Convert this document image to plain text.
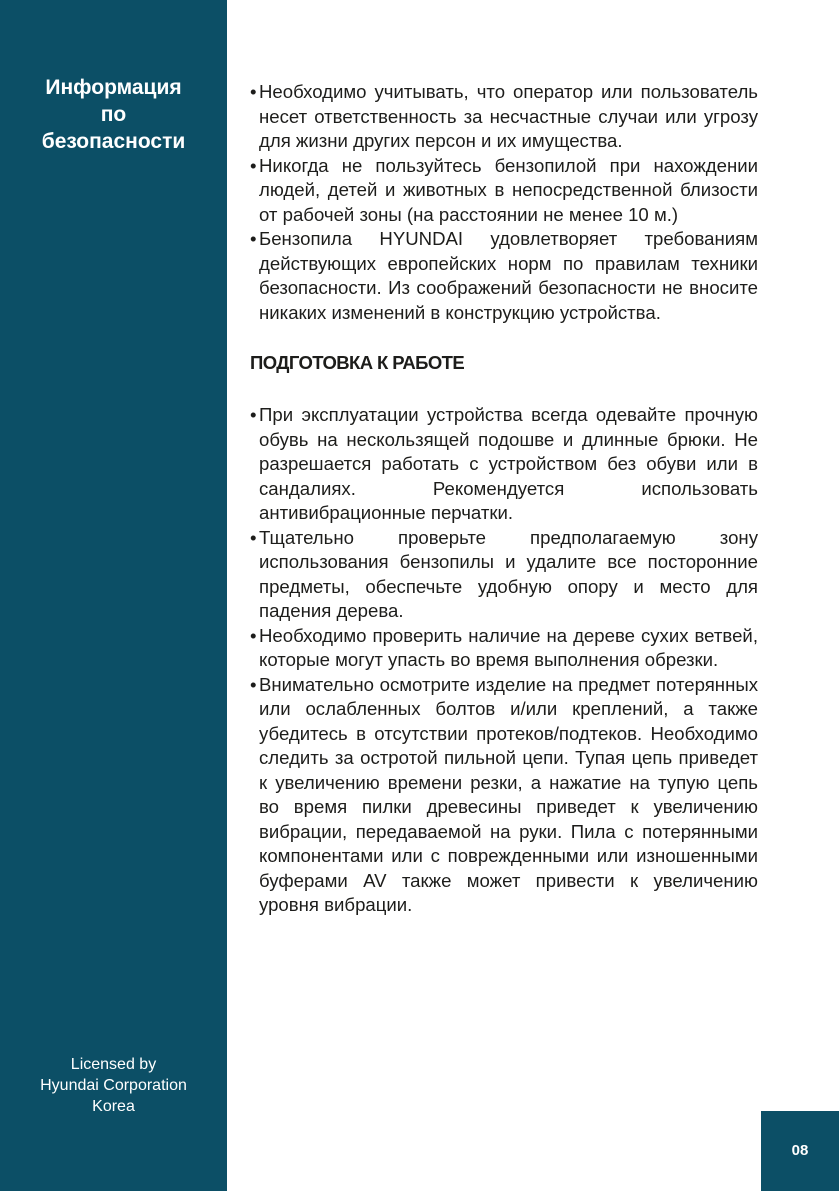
Информация
по
безопасности
Licensed by
Hyundai Corporation
Korea
• Необходимо учитывать, что оператор или пользователь несет ответственность за несчастные случаи или угрозу для жизни других персон и их имущества.
• Никогда не пользуйтесь бензопилой при нахождении людей, детей и животных в непосредственной близости от рабочей зоны (на расстоянии не менее 10 м.)
• Бензопила HYUNDAI удовлетворяет требованиям действующих европейских норм по правилам техники безопасности. Из соображений безопасности не вносите никаких изменений в конструкцию устройства.
ПОДГОТОВКА К РАБОТЕ
• При эксплуатации устройства всегда одевайте прочную обувь на нескользящей подошве и длинные брюки. Не разрешается работать с устройством без обуви или в сандалиях. Рекомендуется использовать антивибрационные перчатки.
• Тщательно проверьте предполагаемую зону использования бензопилы и удалите все посторонние предметы, обеспечьте удобную опору и место для падения дерева.
• Необходимо проверить наличие на дереве сухих ветвей, которые могут упасть во время выполнения обрезки.
• Внимательно осмотрите изделие на предмет потерянных или ослабленных болтов и/или креплений, а также убедитесь в отсутствии протеков/подтеков. Необходимо следить за остротой пильной цепи. Тупая цепь приведет к увеличению времени резки, а нажатие на тупую цепь во время пилки древесины приведет к увеличению вибрации, передаваемой на руки. Пила с потерянными компонентами или с поврежденными или изношенными буферами AV также может привести к увеличению уровня вибрации.
08
